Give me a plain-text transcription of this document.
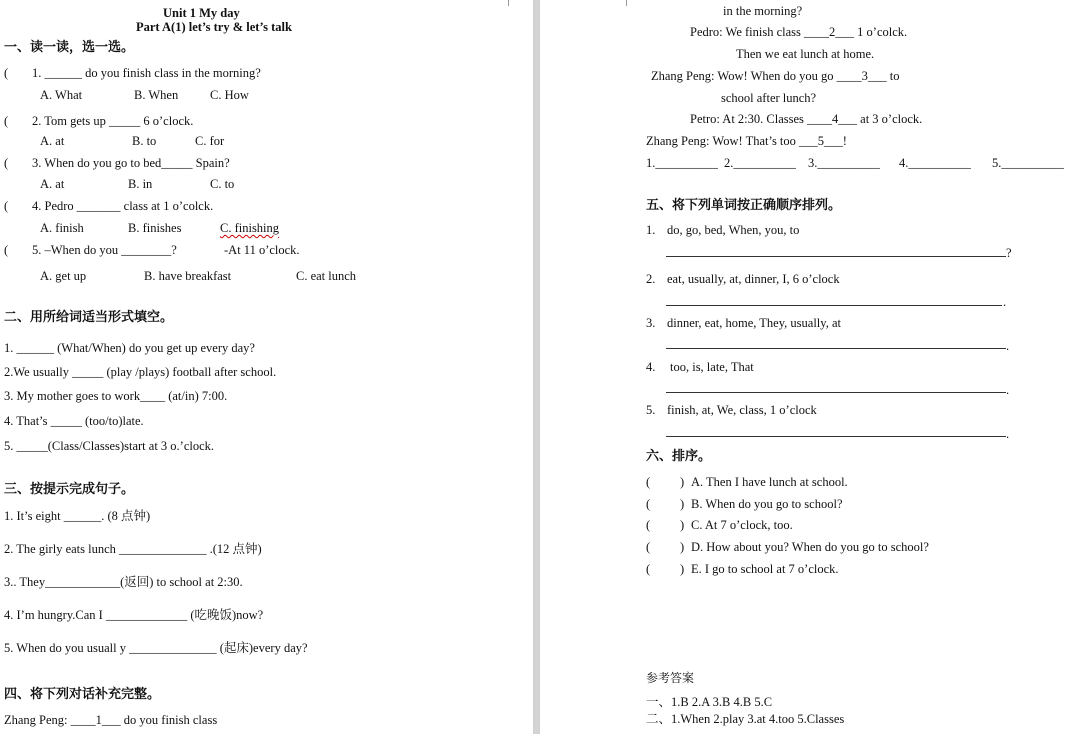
Unit 1 My day
Part A(1) let’s try & let’s talk
一、读一读，选一选。
( 1. ______ do you finish class in the morning?
A. What	B. When	C. How
( 2. Tom gets up _____ 6 o’clock.
A. at	B. to	C. for
( 3. When do you go to bed_____ Spain?
A. at	B. in	C. to
( 4. Pedro _______ class at 1 o’colck.
A. finish	B. finishes	C. finishing
( 5. –When do you ________?	-At 11 o’clock.
A. get up	B. have breakfast	C. eat lunch
二、用所给词适当形式填空。
1. ______ (What/When) do you get up every day?
2.We usually _____ (play /plays) football after school.
3. My mother goes to work____ (at/in) 7:00.
4. That’s _____ (too/to)late.
5. _____(Class/Classes)start at 3 o.’clock.
三、按提示完成句子。
1. It’s eight ______. (8 点钟)
2. The girly eats lunch ______________ .(12 点钟)
3.. They____________(返回) to school at 2:30.
4. I’m hungry.Can I _____________ (吃晚饭)now?
5. When do you usuall y ______________ (起床)every day?
四、将下列对话补充完整。
Zhang Peng: ____1___ do you finish class
in the morning?
Pedro: We finish class ____2___ 1 o’colck.
Then we eat lunch at home.
Zhang Peng: Wow! When do you go ____3___ to
school after lunch?
Petro: At 2:30. Classes ____4___ at 3 o’clock.
Zhang Peng: Wow! That’s too ___5___!
1.__________ 2.__________ 3.__________ 4.__________ 5.__________
五、将下列单词按正确顺序排列。
1. do, go, bed, When, you, to
?
2. eat, usually, at, dinner, I, 6 o’clock
.
3. dinner, eat, home, They, usually, at
.
4. too, is, late, That
.
5. finish, at, We, class, 1 o’clock
.
六、排序。
( ) A. Then I have lunch at school.
( ) B. When do you go to school?
( ) C. At 7 o’clock, too.
( ) D. How about you? When do you go to school?
( ) E. I go to school at 7 o’clock.
参考答案
一、1.B 2.A 3.B 4.B 5.C
二、1.When 2.play 3.at 4.too 5.Classes
